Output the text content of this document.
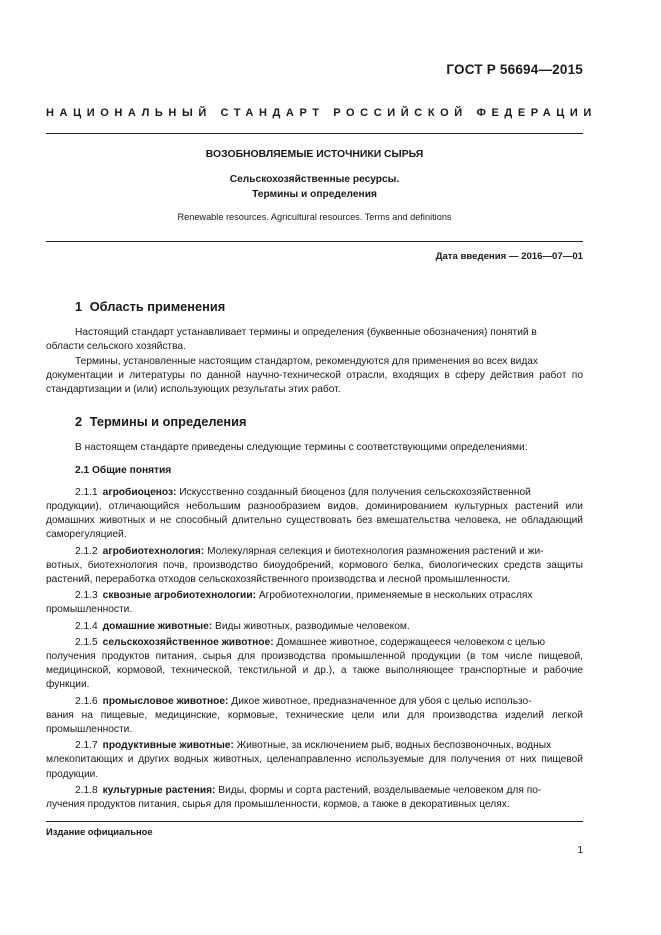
ГОСТ Р 56694—2015
НАЦИОНАЛЬНЫЙ СТАНДАРТ РОССИЙСКОЙ ФЕДЕРАЦИИ
ВОЗОБНОВЛЯЕМЫЕ ИСТОЧНИКИ СЫРЬЯ
Сельскохозяйственные ресурсы.
Термины и определения
Renewable resources. Agricultural resources. Terms and definitions
Дата введения — 2016—07—01
1 Область применения

Настоящий стандарт устанавливает термины и определения (буквенные обозначения) понятий в
области сельского хозяйства.

Термины, установленные настоящим стандартом, рекомендуются для применения во всех видах
документации и литературы по данной научно-технической отрасли, входящих в сферу действия работ по стандартизации и (или) использующих результаты этих работ.

2 Термины и определения

В настоящем стандарте приведены следующие термины с соответствующими определениями:

2.1 Общие понятия

2.1.1 агробиоценоз: Искусственно созданный биоценоз (для получения сельскохозяйственной
продукции), отличающийся небольшим разнообразием видов, доминированием культурных растений или домашних животных и не способный длительно существовать без вмешательства человека, не обладающий саморегуляцией.

2.1.2 агробиотехнология: Молекулярная селекция и биотехнология размножения растений и жи-
вотных, биотехнология почв, производство биоудобрений, кормового белка, биологических средств защиты растений, переработка отходов сельскохозяйственного производства и лесной промышленности.

2.1.3 сквозные агробиотехнологии: Агробиотехнологии, применяемые в нескольких отраслях
промышленности.

2.1.4 домашние животные: Виды животных, разводимые человеком.

2.1.5 сельскохозяйственное животное: Домашнее животное, содержащееся человеком с целью
получения продуктов питания, сырья для производства промышленной продукции (в том числе пищевой, медицинской, кормовой, технической, текстильной и др.), а также выполняющее транспортные и рабочие функции.

2.1.6 промысловое животное: Дикое животное, предназначенное для убоя с целью использо-
вания на пищевые, медицинские, кормовые, технические цели или для производства изделий легкой промышленности.

2.1.7 продуктивные животные: Животные, за исключением рыб, водных беспозвоночных, водных
млекопитающих и других водных животных, целенаправленно используемые для получения от них пищевой продукции.

2.1.8 культурные растения: Виды, формы и сорта растений, возделываемые человеком для по-
лучения продуктов питания, сырья для промышленности, кормов, а также в декоративных целях.

Издание официальное
1
